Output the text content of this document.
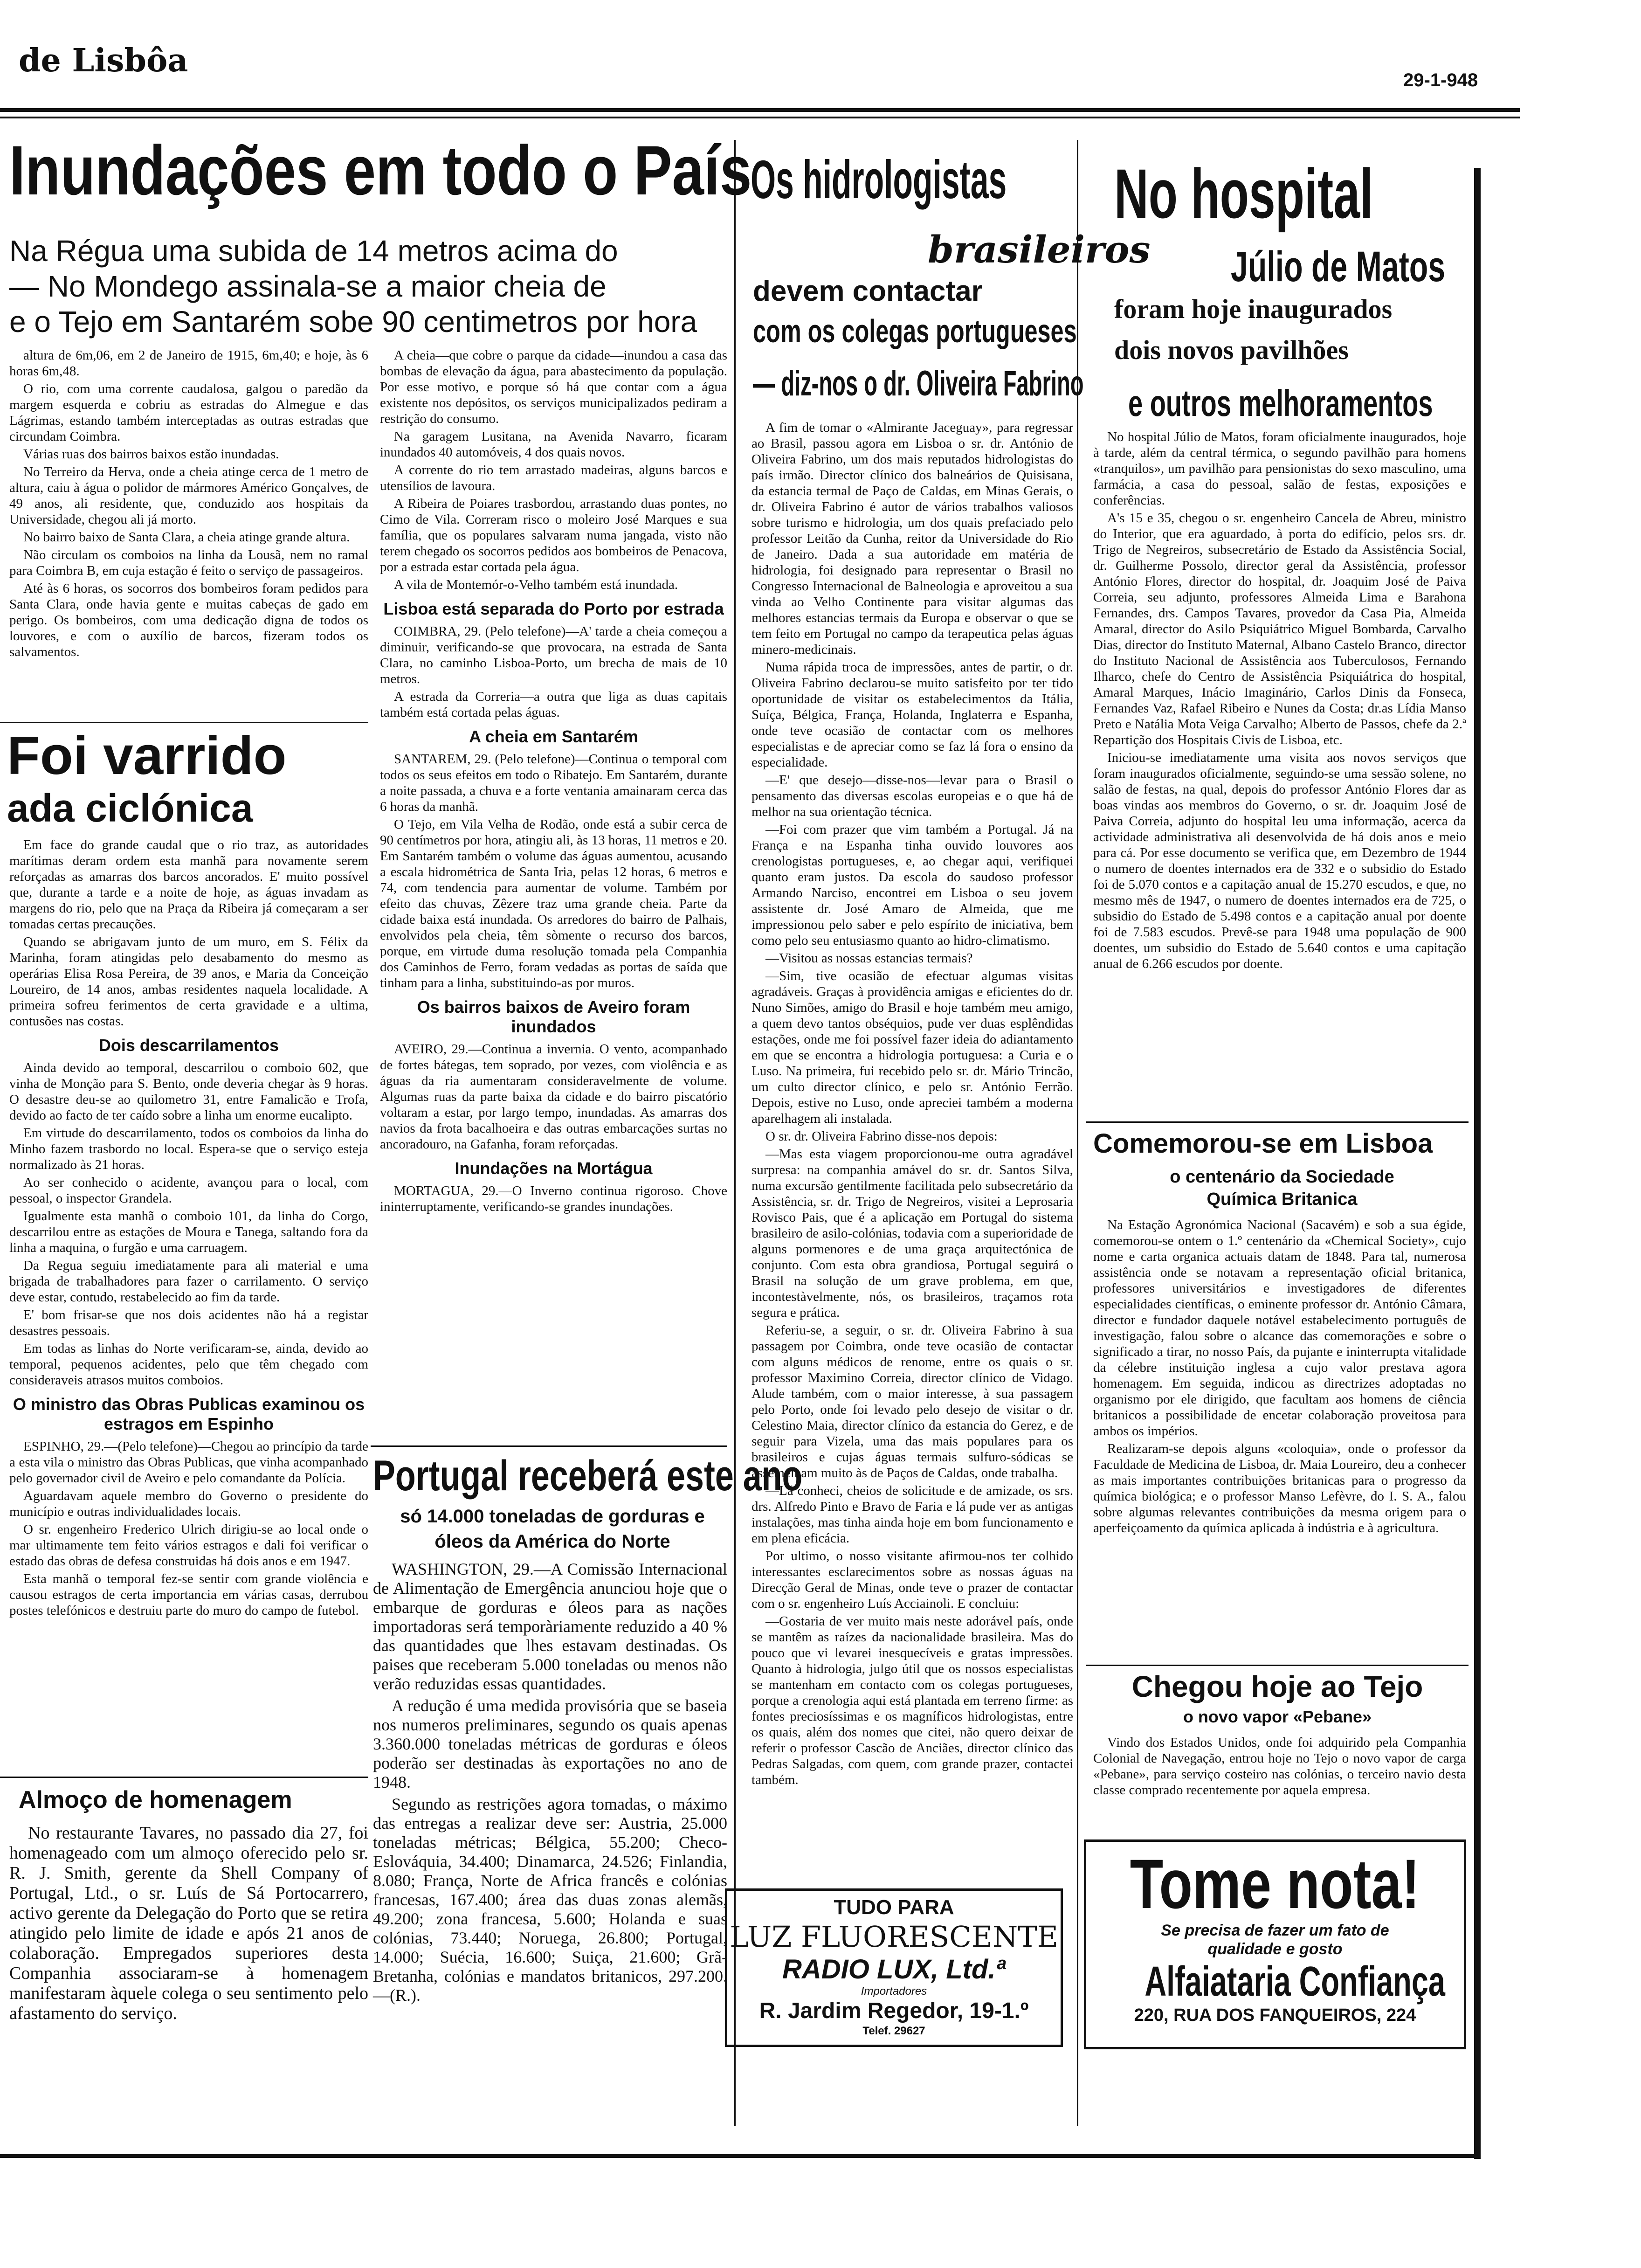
de Lisbôa
29-1-948
Inundações em todo o País
Na Régua uma subida de 14 metros acima do
— No Mondego assinala-se a maior cheia de
e o Tejo em Santarém sobe 90 centimetros por hora

altura de 6m,06, em 2 de Janeiro de 1915, 6m,40; e hoje, às 6 horas 6m,48.

O rio, com uma corrente caudalosa, galgou o paredão da margem esquerda e cobriu as estradas do Almegue e das Lágrimas, estando também interceptadas as outras estradas que circundam Coimbra.

Várias ruas dos bairros baixos estão inundadas.

No Terreiro da Herva, onde a cheia atinge cerca de 1 metro de altura, caiu à água o polidor de mármores Américo Gonçalves, de 49 anos, ali residente, que, conduzido aos hospitais da Universidade, chegou ali já morto.

No bairro baixo de Santa Clara, a cheia atinge grande altura.

Não circulam os comboios na linha da Lousã, nem no ramal para Coimbra B, em cuja estação é feito o serviço de passageiros.

Até às 6 horas, os socorros dos bombeiros foram pedidos para Santa Clara, onde havia gente e muitas cabeças de gado em perigo. Os bombeiros, com uma dedicação digna de todos os louvores, e com o auxílio de barcos, fizeram todos os salvamentos.

A cheia—que cobre o parque da cidade—inundou a casa das bombas de elevação da água, para abastecimento da população. Por esse motivo, e porque só há que contar com a água existente nos depósitos, os serviços municipalizados pediram a restrição do consumo.

Na garagem Lusitana, na Avenida Navarro, ficaram inundados 40 automóveis, 4 dos quais novos.

A corrente do rio tem arrastado madeiras, alguns barcos e utensílios de lavoura.

A Ribeira de Poiares trasbordou, arrastando duas pontes, no Cimo de Vila. Correram risco o moleiro José Marques e sua família, que os populares salvaram numa jangada, visto não terem chegado os socorros pedidos aos bombeiros de Penacova, por a estrada estar cortada pela água.

A vila de Montemór-o-Velho também está inundada.

Lisboa está separada do Porto por estrada

COIMBRA, 29. (Pelo telefone)—A' tarde a cheia começou a diminuir, verificando-se que provocara, na estrada de Santa Clara, no caminho Lisboa-Porto, um brecha de mais de 10 metros.

A estrada da Correria—a outra que liga as duas capitais também está cortada pelas águas.

A cheia em Santarém

SANTAREM, 29. (Pelo telefone)—Continua o temporal com todos os seus efeitos em todo o Ribatejo. Em Santarém, durante a noite passada, a chuva e a forte ventania amainaram cerca das 6 horas da manhã.

O Tejo, em Vila Velha de Rodão, onde está a subir cerca de 90 centímetros por hora, atingiu ali, às 13 horas, 11 metros e 20. Em Santarém também o volume das águas aumentou, acusando a escala hidrométrica de Santa Iria, pelas 12 horas, 6 metros e 74, com tendencia para aumentar de volume. Também por efeito das chuvas, Zêzere traz uma grande cheia. Parte da cidade baixa está inundada. Os arredores do bairro de Palhais, envolvidos pela cheia, têm sòmente o recurso dos barcos, porque, em virtude duma resolução tomada pela Companhia dos Caminhos de Ferro, foram vedadas as portas de saída que tinham para a linha, substituindo-as por muros.

Os bairros baixos de Aveiro foram inundados

AVEIRO, 29.—Continua a invernia. O vento, acompanhado de fortes bátegas, tem soprado, por vezes, com violência e as águas da ria aumentaram consideravelmente de volume. Algumas ruas da parte baixa da cidade e do bairro piscatório voltaram a estar, por largo tempo, inundadas. As amarras dos navios da frota bacalhoeira e das outras embarcações surtas no ancoradouro, na Gafanha, foram reforçadas.

Inundações na Mortágua

MORTAGUA, 29.—O Inverno continua rigoroso. Chove ininterruptamente, verificando-se grandes inundações.

Foi varrido
ada ciclónica

Em face do grande caudal que o rio traz, as autoridades marítimas deram ordem esta manhã para novamente serem reforçadas as amarras dos barcos ancorados. E' muito possível que, durante a tarde e a noite de hoje, as águas invadam as margens do rio, pelo que na Praça da Ribeira já começaram a ser tomadas certas precauções.

Quando se abrigavam junto de um muro, em S. Félix da Marinha, foram atingidas pelo desabamento do mesmo as operárias Elisa Rosa Pereira, de 39 anos, e Maria da Conceição Loureiro, de 14 anos, ambas residentes naquela localidade. A primeira sofreu ferimentos de certa gravidade e a ultima, contusões nas costas.

Dois descarrilamentos

Ainda devido ao temporal, descarrilou o comboio 602, que vinha de Monção para S. Bento, onde deveria chegar às 9 horas. O desastre deu-se ao quilometro 31, entre Famalicão e Trofa, devido ao facto de ter caído sobre a linha um enorme eucalipto.

Em virtude do descarrilamento, todos os comboios da linha do Minho fazem trasbordo no local. Espera-se que o serviço esteja normalizado às 21 horas.

Ao ser conhecido o acidente, avançou para o local, com pessoal, o inspector Grandela.

Igualmente esta manhã o comboio 101, da linha do Corgo, descarrilou entre as estações de Moura e Tanega, saltando fora da linha a maquina, o furgão e uma carruagem.

Da Regua seguiu imediatamente para ali material e uma brigada de trabalhadores para fazer o carrilamento. O serviço deve estar, contudo, restabelecido ao fim da tarde.

E' bom frisar-se que nos dois acidentes não há a registar desastres pessoais.

Em todas as linhas do Norte verificaram-se, ainda, devido ao temporal, pequenos acidentes, pelo que têm chegado com consideraveis atrasos muitos comboios.

O ministro das Obras Publicas examinou os estragos em Espinho

ESPINHO, 29.—(Pelo telefone)—Chegou ao princípio da tarde a esta vila o ministro das Obras Publicas, que vinha acompanhado pelo governador civil de Aveiro e pelo comandante da Polícia.

Aguardavam aquele membro do Governo o presidente do município e outras individualidades locais.

O sr. engenheiro Frederico Ulrich dirigiu-se ao local onde o mar ultimamente tem feito vários estragos e dali foi verificar o estado das obras de defesa construidas há dois anos e em 1947.

Esta manhã o temporal fez-se sentir com grande violência e causou estragos de certa importancia em várias casas, derrubou postes telefónicos e destruiu parte do muro do campo de futebol.

Almoço de homenagem

No restaurante Tavares, no passado dia 27, foi homenageado com um almoço oferecido pelo sr. R. J. Smith, gerente da Shell Company of Portugal, Ltd., o sr. Luís de Sá Portocarrero, activo gerente da Delegação do Porto que se retira atingido pelo limite de idade e após 21 anos de colaboração. Empregados superiores desta Companhia associaram-se à homenagem manifestaram àquele colega o seu sentimento pelo afastamento do serviço.

Portugal receberá este ano
só 14.000 toneladas de gorduras e óleos da América do Norte

WASHINGTON, 29.—A Comissão Internacional de Alimentação de Emergência anunciou hoje que o embarque de gorduras e óleos para as nações importadoras será temporàriamente reduzido a 40 % das quantidades que lhes estavam destinadas. Os paises que receberam 5.000 toneladas ou menos não verão reduzidas essas quantidades.

A redução é uma medida provisória que se baseia nos numeros preliminares, segundo os quais apenas 3.360.000 toneladas métricas de gorduras e óleos poderão ser destinadas às exportações no ano de 1948.

Segundo as restrições agora tomadas, o máximo das entregas a realizar deve ser: Austria, 25.000 toneladas métricas; Bélgica, 55.200; Checo-Eslováquia, 34.400; Dinamarca, 24.526; Finlandia, 8.080; França, Norte de Africa francês e colónias francesas, 167.400; área das duas zonas alemãs, 49.200; zona francesa, 5.600; Holanda e suas colónias, 73.440; Noruega, 26.800; Portugal, 14.000; Suécia, 16.600; Suiça, 21.600; Grã-Bretanha, colónias e mandatos britanicos, 297.200.—(R.).

Os hidrologistas
brasileiros
devem contactar
com os colegas portugueses
— diz-nos o dr. Oliveira Fabrino

A fim de tomar o «Almirante Jaceguay», para regressar ao Brasil, passou agora em Lisboa o sr. dr. António de Oliveira Fabrino, um dos mais reputados hidrologistas do país irmão. Director clínico dos balneários de Quisisana, da estancia termal de Paço de Caldas, em Minas Gerais, o dr. Oliveira Fabrino é autor de vários trabalhos valiosos sobre turismo e hidrologia, um dos quais prefaciado pelo professor Leitão da Cunha, reitor da Universidade do Rio de Janeiro. Dada a sua autoridade em matéria de hidrologia, foi designado para representar o Brasil no Congresso Internacional de Balneologia e aproveitou a sua vinda ao Velho Continente para visitar algumas das melhores estancias termais da Europa e observar o que se tem feito em Portugal no campo da terapeutica pelas águas minero-medicinais.

Numa rápida troca de impressões, antes de partir, o dr. Oliveira Fabrino declarou-se muito satisfeito por ter tido oportunidade de visitar os estabelecimentos da Itália, Suíça, Bélgica, França, Holanda, Inglaterra e Espanha, onde teve ocasião de contactar com os melhores especialistas e de apreciar como se faz lá fora o ensino da especialidade.

—E' que desejo—disse-nos—levar para o Brasil o pensamento das diversas escolas europeias e o que há de melhor na sua orientação técnica.

—Foi com prazer que vim também a Portugal. Já na França e na Espanha tinha ouvido louvores aos crenologistas portugueses, e, ao chegar aqui, verifiquei quanto eram justos. Da escola do saudoso professor Armando Narciso, encontrei em Lisboa o seu jovem assistente dr. José Amaro de Almeida, que me impressionou pelo saber e pelo espírito de iniciativa, bem como pelo seu entusiasmo quanto ao hidro-climatismo.

—Visitou as nossas estancias termais?

—Sim, tive ocasião de efectuar algumas visitas agradáveis. Graças à providência amigas e eficientes do dr. Nuno Simões, amigo do Brasil e hoje também meu amigo, a quem devo tantos obséquios, pude ver duas esplêndidas estações, onde me foi possível fazer ideia do adiantamento em que se encontra a hidrologia portuguesa: a Curia e o Luso. Na primeira, fui recebido pelo sr. dr. Mário Trincão, um culto director clínico, e pelo sr. António Ferrão. Depois, estive no Luso, onde apreciei também a moderna aparelhagem ali instalada.

O sr. dr. Oliveira Fabrino disse-nos depois:

—Mas esta viagem proporcionou-me outra agradável surpresa: na companhia amável do sr. dr. Santos Silva, numa excursão gentilmente facilitada pelo subsecretário da Assistência, sr. dr. Trigo de Negreiros, visitei a Leprosaria Rovisco Pais, que é a aplicação em Portugal do sistema brasileiro de asilo-colónias, todavia com a superioridade de alguns pormenores e de uma graça arquitectónica de conjunto. Com esta obra grandiosa, Portugal seguirá o Brasil na solução de um grave problema, em que, incontestàvelmente, nós, os brasileiros, traçamos rota segura e prática.

Referiu-se, a seguir, o sr. dr. Oliveira Fabrino à sua passagem por Coimbra, onde teve ocasião de contactar com alguns médicos de renome, entre os quais o sr. professor Maximino Correia, director clínico de Vidago. Alude também, com o maior interesse, à sua passagem pelo Porto, onde foi levado pelo desejo de visitar o dr. Celestino Maia, director clínico da estancia do Gerez, e de seguir para Vizela, uma das mais populares para os brasileiros e cujas águas termais sulfuro-sódicas se assemelham muito às de Paços de Caldas, onde trabalha.

—Lá conheci, cheios de solicitude e de amizade, os srs. drs. Alfredo Pinto e Bravo de Faria e lá pude ver as antigas instalações, mas tinha ainda hoje em bom funcionamento e em plena eficácia.

Por ultimo, o nosso visitante afirmou-nos ter colhido interessantes esclarecimentos sobre as nossas águas na Direcção Geral de Minas, onde teve o prazer de contactar com o sr. engenheiro Luís Acciainoli. E concluiu:

—Gostaria de ver muito mais neste adorável país, onde se mantêm as raízes da nacionalidade brasileira. Mas do pouco que vi levarei inesquecíveis e gratas impressões. Quanto à hidrologia, julgo útil que os nossos especialistas se mantenham em contacto com os colegas portugueses, porque a crenologia aqui está plantada em terreno firme: as fontes preciosíssimas e os magníficos hidrologistas, entre os quais, além dos nomes que citei, não quero deixar de referir o professor Cascão de Anciães, director clínico das Pedras Salgadas, com quem, com grande prazer, contactei também.

TUDO PARA
LUZ FLUORESCENTE
RADIO LUX, Ltd.ª
Importadores
R. Jardim Regedor, 19-1.º
Telef. 29627
No hospital
Júlio de Matos
foram hoje inaugurados
dois novos pavilhões
e outros melhoramentos

No hospital Júlio de Matos, foram oficialmente inaugurados, hoje à tarde, além da central térmica, o segundo pavilhão para homens «tranquilos», um pavilhão para pensionistas do sexo masculino, uma farmácia, a casa do pessoal, salão de festas, exposições e conferências.

A's 15 e 35, chegou o sr. engenheiro Cancela de Abreu, ministro do Interior, que era aguardado, à porta do edifício, pelos srs. dr. Trigo de Negreiros, subsecretário de Estado da Assistência Social, dr. Guilherme Possolo, director geral da Assistência, professor António Flores, director do hospital, dr. Joaquim José de Paiva Correia, seu adjunto, professores Almeida Lima e Barahona Fernandes, drs. Campos Tavares, provedor da Casa Pia, Almeida Amaral, director do Asilo Psiquiátrico Miguel Bombarda, Carvalho Dias, director do Instituto Maternal, Albano Castelo Branco, director do Instituto Nacional de Assistência aos Tuberculosos, Fernando Ilharco, chefe do Centro de Assistência Psiquiátrica do hospital, Amaral Marques, Inácio Imaginário, Carlos Dinis da Fonseca, Fernandes Vaz, Rafael Ribeiro e Nunes da Costa; dr.as Lídia Manso Preto e Natália Mota Veiga Carvalho; Alberto de Passos, chefe da 2.ª Repartição dos Hospitais Civis de Lisboa, etc.

Iniciou-se imediatamente uma visita aos novos serviços que foram inaugurados oficialmente, seguindo-se uma sessão solene, no salão de festas, na qual, depois do professor António Flores dar as boas vindas aos membros do Governo, o sr. dr. Joaquim José de Paiva Correia, adjunto do hospital leu uma informação, acerca da actividade administrativa ali desenvolvida de há dois anos e meio para cá. Por esse documento se verifica que, em Dezembro de 1944 o numero de doentes internados era de 332 e o subsidio do Estado foi de 5.070 contos e a capitação anual de 15.270 escudos, e que, no mesmo mês de 1947, o numero de doentes internados era de 725, o subsidio do Estado de 5.498 contos e a capitação anual por doente foi de 7.583 escudos. Prevê-se para 1948 uma população de 900 doentes, um subsidio do Estado de 5.640 contos e uma capitação anual de 6.266 escudos por doente.

Comemorou-se em Lisboa
o centenário da Sociedade Química Britanica

Na Estação Agronómica Nacional (Sacavém) e sob a sua égide, comemorou-se ontem o 1.º centenário da «Chemical Society», cujo nome e carta organica actuais datam de 1848. Para tal, numerosa assistência onde se notavam a representação oficial britanica, professores universitários e investigadores de diferentes especialidades científicas, o eminente professor dr. António Câmara, director e fundador daquele notável estabelecimento português de investigação, falou sobre o alcance das comemorações e sobre o significado a tirar, no nosso País, da pujante e ininterrupta vitalidade da célebre instituição inglesa a cujo valor prestava agora homenagem. Em seguida, indicou as directrizes adoptadas no organismo por ele dirigido, que facultam aos homens de ciência britanicos a possibilidade de encetar colaboração proveitosa para ambos os impérios.

Realizaram-se depois alguns «coloquia», onde o professor da Faculdade de Medicina de Lisboa, dr. Maia Loureiro, deu a conhecer as mais importantes contribuições britanicas para o progresso da química biológica; e o professor Manso Lefèvre, do I. S. A., falou sobre algumas relevantes contribuições da mesma origem para o aperfeiçoamento da química aplicada à indústria e à agricultura.

Chegou hoje ao Tejo
o novo vapor «Pebane»

Vindo dos Estados Unidos, onde foi adquirido pela Companhia Colonial de Navegação, entrou hoje no Tejo o novo vapor de carga «Pebane», para serviço costeiro nas colónias, o terceiro navio desta classe comprado recentemente por aquela empresa.

Tome nota!
Se precisa de fazer um fato de
qualidade e gosto
Alfaiataria Confiança
220, RUA DOS FANQUEIROS, 224
